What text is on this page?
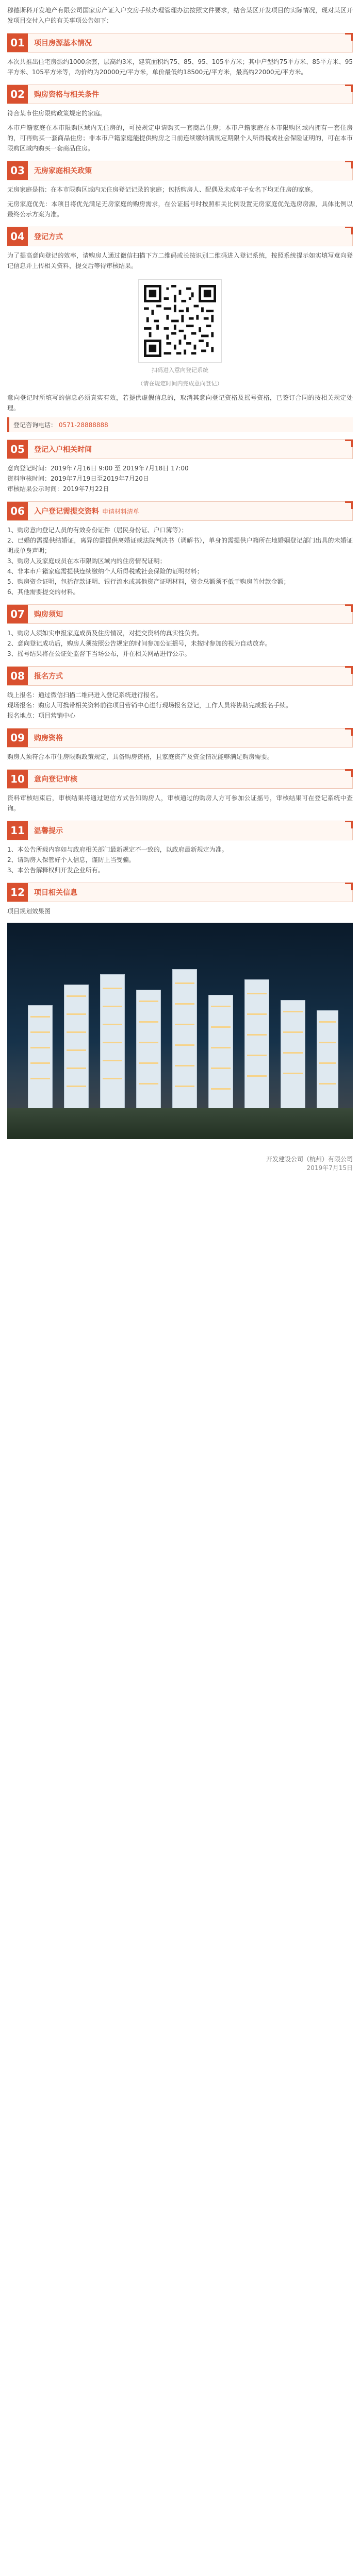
穆德斯科开发地产有限公司国家房产证入户交房手续办理管理办法按照文件要求，结合某区开发项目的实际情况，现对某区开发项目交付入户的有关事项公告如下：

01	项目房源基本情况

本次共推出住宅房源约1000余套，层高约3米，建筑面积约75、85、95、105平方米；其中户型约75平方米、85平方米、95平方米、105平方米等，均价约为20000元/平方米，单价最低约18500元/平方米，最高约22000元/平方米。

02	购房资格与相关条件

符合某市住房限购政策规定的家庭。

本市户籍家庭在本市限购区域内无住房的，可按规定申请购买一套商品住房；本市户籍家庭在本市限购区域内拥有一套住房的，可再购买一套商品住房；非本市户籍家庭能提供购房之日前连续缴纳满规定期限个人所得税或社会保险证明的，可在本市限购区域内购买一套商品住房。

03	无房家庭相关政策

无房家庭是指：在本市限购区域内无住房登记记录的家庭；包括购房人、配偶及未成年子女名下均无住房的家庭。

无房家庭优先：本项目将优先满足无房家庭的购房需求，在公证摇号时按照相关比例设置无房家庭优先选房房源，具体比例以最终公示方案为准。

04	登记方式

为了提高意向登记的效率，请购房人通过微信扫描下方二维码或长按识别二维码进入登记系统，按照系统提示如实填写意向登记信息并上传相关资料，提交后等待审核结果。

扫码进入意向登记系统
（请在规定时间内完成意向登记）

意向登记时所填写的信息必须真实有效，若提供虚假信息的，取消其意向登记资格及摇号资格，已签订合同的按相关规定处理。

登记咨询电话： 0571-28888888
05	登记入户相关时间

意向登记时间：2019年7月16日 9:00 至 2019年7月18日 17:00

资料审核时间：2019年7月19日至2019年7月20日

审核结果公示时间：2019年7月22日

06	入户登记需提交资料 申请材料清单

1、购房意向登记人员的有效身份证件（居民身份证、户口簿等）；

2、已婚的需提供结婚证，离异的需提供离婚证或法院判决书（调解书），单身的需提供户籍所在地婚姻登记部门出具的未婚证明或单身声明；

3、购房人及家庭成员在本市限购区域内的住房情况证明；

4、非本市户籍家庭需提供连续缴纳个人所得税或社会保险的证明材料；

5、购房资金证明，包括存款证明、银行流水或其他资产证明材料，资金总额须不低于购房首付款金额；

6、其他需要提交的材料。

07	购房须知

1、购房人须如实申报家庭成员及住房情况，对提交资料的真实性负责。

2、意向登记成功后，购房人须按照公告规定的时间参加公证摇号，未按时参加的视为自动放弃。

3、摇号结果将在公证处监督下当场公布，并在相关网站进行公示。

08	报名方式

线上报名：通过微信扫描二维码进入登记系统进行报名。

现场报名：购房人可携带相关资料前往项目营销中心进行现场报名登记，工作人员将协助完成报名手续。

报名地点：项目营销中心

09	购房资格

购房人须符合本市住房限购政策规定，具备购房资格，且家庭资产及资金情况能够满足购房需要。

10	意向登记审核

资料审核结束后，审核结果将通过短信方式告知购房人，审核通过的购房人方可参加公证摇号，审核结果可在登记系统中查询。

11	温馨提示

1、本公告所载内容如与政府相关部门最新规定不一致的，以政府最新规定为准。

2、请购房人保管好个人信息，谨防上当受骗。

3、本公告解释权归开发企业所有。

12	项目相关信息

项目规划效果图

开发建设公司（杭州）有限公司
2019年7月15日
